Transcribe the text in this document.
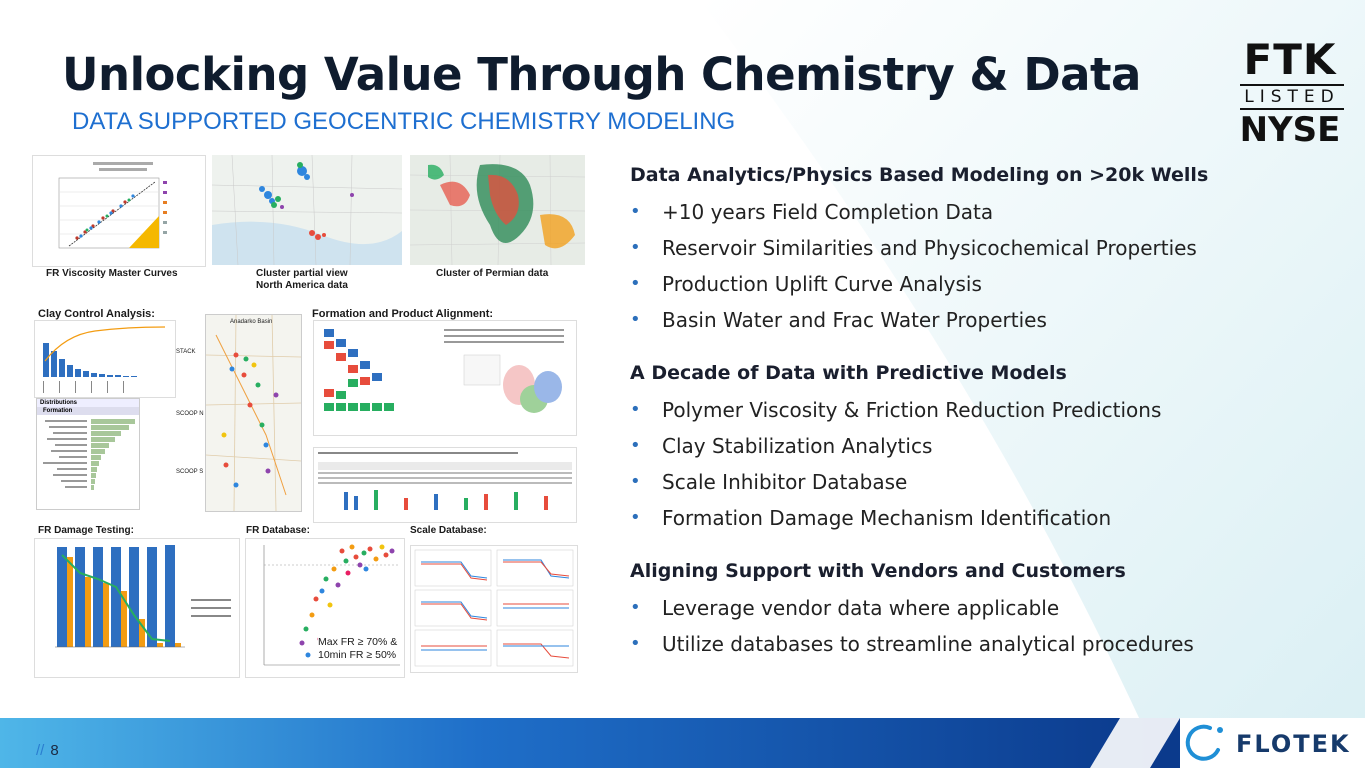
Unlocking Value Through Chemistry & Data
DATA SUPPORTED GEOCENTRIC CHEMISTRY MODELING
FTK
LISTED
NYSE
FR Viscosity Master Curves	Cluster partial view
North America data
Cluster of Permian data
Clay Control Analysis:
Distributions
Formation
Anadarko Basin
STACK
SCOOP N
SCOOP S
Formation and Product Alignment:
FR Damage Testing:	FR Database:
Max FR ≥ 70% &
10min FR ≥ 50%
Scale Database:
Data Analytics/Physics Based Modeling on >20k Wells
• +10 years Field Completion Data
• Reservoir Similarities and Physicochemical Properties
• Production Uplift Curve Analysis
• Basin Water and Frac Water Properties
A Decade of Data with Predictive Models
• Polymer Viscosity & Friction Reduction Predictions
• Clay Stabilization Analytics
• Scale Inhibitor Database
• Formation Damage Mechanism Identification
Aligning Support with Vendors and Customers
• Leverage vendor data where applicable
• Utilize databases to streamline analytical procedures
FLOTEK
// 8
